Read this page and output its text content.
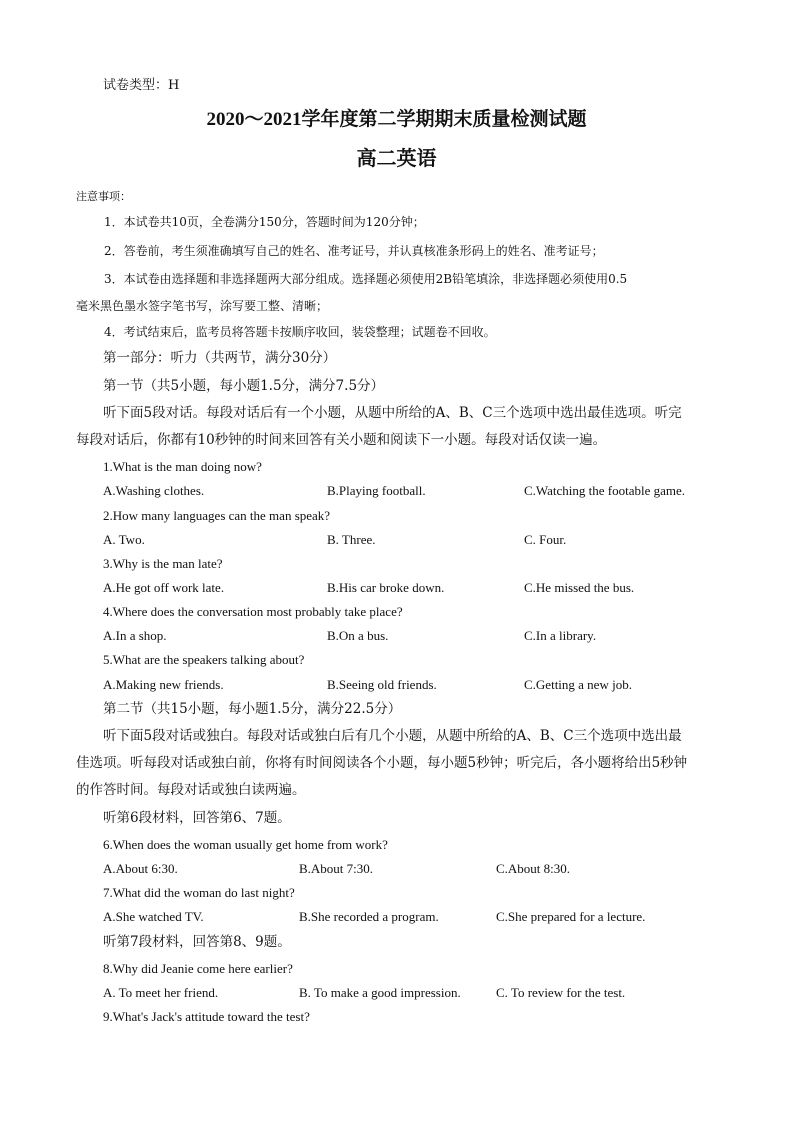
试卷类型：H
2020～2021学年度第二学期期末质量检测试题
高二英语
注意事项：
1．本试卷共10页，全卷满分150分，答题时间为120分钟；
2．答卷前，考生须准确填写自己的姓名、准考证号，并认真核准条形码上的姓名、准考证号；
3．本试卷由选择题和非选择题两大部分组成。选择题必须使用2B铅笔填涂，非选择题必须使用0.5
毫米黑色墨水签字笔书写，涂写要工整、清晰；
4．考试结束后，监考员将答题卡按顺序收回，装袋整理；试题卷不回收。
第一部分：听力（共两节，满分30分）
第一节（共5小题，每小题1.5分，满分7.5分）
听下面5段对话。每段对话后有一个小题，从题中所给的A、B、C三个选项中选出最佳选项。听完
每段对话后，你都有10秒钟的时间来回答有关小题和阅读下一小题。每段对话仅读一遍。
1.What is the man doing now?
A.Washing clothes.	B.Playing football.	C.Watching the footable game.
2.How many languages can the man speak?
A. Two.	B. Three.	C. Four.
3.Why is the man late?
A.He got off work late.	B.His car broke down.	C.He missed the bus.
4.Where does the conversation most probably take place?
A.In a shop.	B.On a bus.	C.In a library.
5.What are the speakers talking about?
A.Making new friends.	B.Seeing old friends.	C.Getting a new job.
第二节（共15小题，每小题1.5分，满分22.5分）
听下面5段对话或独白。每段对话或独白后有几个小题，从题中所给的A、B、C三个选项中选出最
佳选项。听每段对话或独白前，你将有时间阅读各个小题，每小题5秒钟；听完后，各小题将给出5秒钟
的作答时间。每段对话或独白读两遍。
听第6段材料，回答第6、7题。
6.When does the woman usually get home from work?
A.About 6:30.	B.About 7:30.	C.About 8:30.
7.What did the woman do last night?
A.She watched TV.	B.She recorded a program.	C.She prepared for a lecture.
听第7段材料，回答第8、9题。
8.Why did Jeanie come here earlier?
A. To meet her friend.	B. To make a good impression.	C. To review for the test.
9.What's Jack's attitude toward the test?
